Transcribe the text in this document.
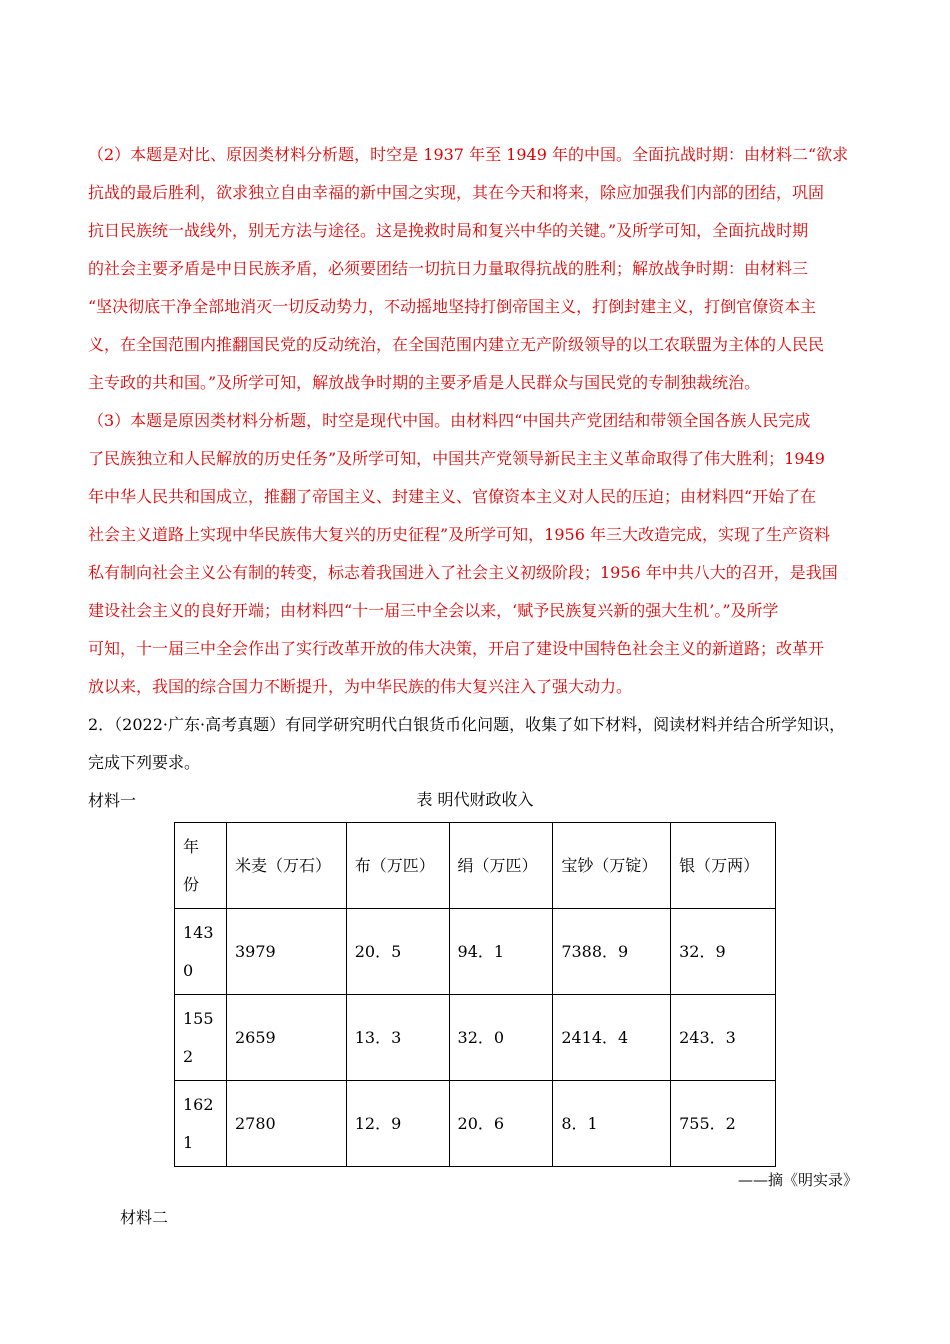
（2）本题是对比、原因类材料分析题，时空是 1937 年至 1949 年的中国。全面抗战时期：由材料二“欲求
抗战的最后胜利，欲求独立自由幸福的新中国之实现，其在今天和将来，除应加强我们内部的团结，巩固
抗日民族统一战线外，别无方法与途径。这是挽救时局和复兴中华的关键。”及所学可知，全面抗战时期
的社会主要矛盾是中日民族矛盾，必须要团结一切抗日力量取得抗战的胜利；解放战争时期：由材料三
“坚决彻底干净全部地消灭一切反动势力，不动摇地坚持打倒帝国主义，打倒封建主义，打倒官僚资本主
义，在全国范围内推翻国民党的反动统治，在全国范围内建立无产阶级领导的以工农联盟为主体的人民民
主专政的共和国。”及所学可知，解放战争时期的主要矛盾是人民群众与国民党的专制独裁统治。
（3）本题是原因类材料分析题，时空是现代中国。由材料四“中国共产党团结和带领全国各族人民完成
了民族独立和人民解放的历史任务”及所学可知，中国共产党领导新民主主义革命取得了伟大胜利；1949
年中华人民共和国成立，推翻了帝国主义、封建主义、官僚资本主义对人民的压迫；由材料四“开始了在
社会主义道路上实现中华民族伟大复兴的历史征程”及所学可知，1956 年三大改造完成，实现了生产资料
私有制向社会主义公有制的转变，标志着我国进入了社会主义初级阶段；1956 年中共八大的召开，是我国
建设社会主义的良好开端；由材料四“十一届三中全会以来，‘赋予民族复兴新的强大生机’。”及所学
可知，十一届三中全会作出了实行改革开放的伟大决策，开启了建设中国特色社会主义的新道路；改革开
放以来，我国的综合国力不断提升，为中华民族的伟大复兴注入了强大动力。
2．（2022·广东·高考真题）有同学研究明代白银货币化问题，收集了如下材料，阅读材料并结合所学知识，
完成下列要求。
材料一	表 明代财政收入
年
份	米麦（万石）	布（万匹）	绢（万匹）	宝钞（万锭）	银（万两）

143
0	3979	20．5	94．1	7388．9	32．9

155
2	2659	13．3	32．0	2414．4	243．3

162
1	2780	12．9	20．6	8．1	755．2
——摘《明实录》
材料二
